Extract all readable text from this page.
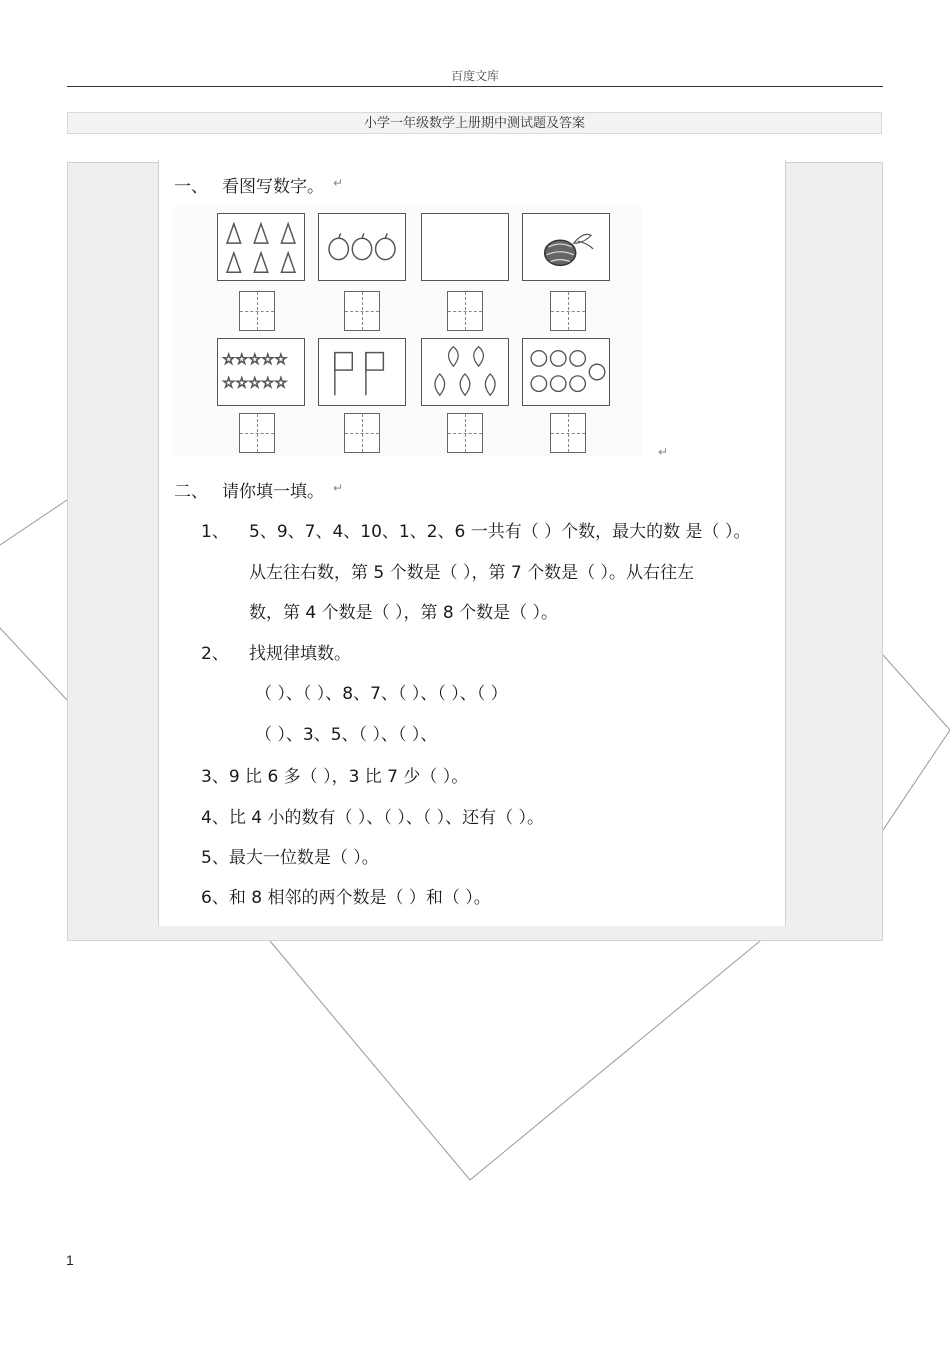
百度文库
小学一年级数学上册期中测试题及答案
一、 看图写数字。 ↵
☆☆☆☆☆
☆☆☆☆☆
↵
二、 请你填一填。 ↵
1、 5、9、7、4、10、1、2、6 一共有（ ）个数，最大的数 是（ ）。
从左往右数，第 5 个数是（ ），第 7 个数是（ ）。从右往左
数，第 4 个数是（ ），第 8 个数是（ ）。
2、 找规律填数。
（ ）、（ ）、8、7、（ ）、（ ）、（ ）
（ ）、3、5、（ ）、（ ）、
3、9 比 6 多（ ），3 比 7 少（ ）。
4、比 4 小的数有（ ）、（ ）、（ ）、还有（ ）。
5、最大一位数是（ ）。
6、和 8 相邻的两个数是（ ）和（ ）。
1
